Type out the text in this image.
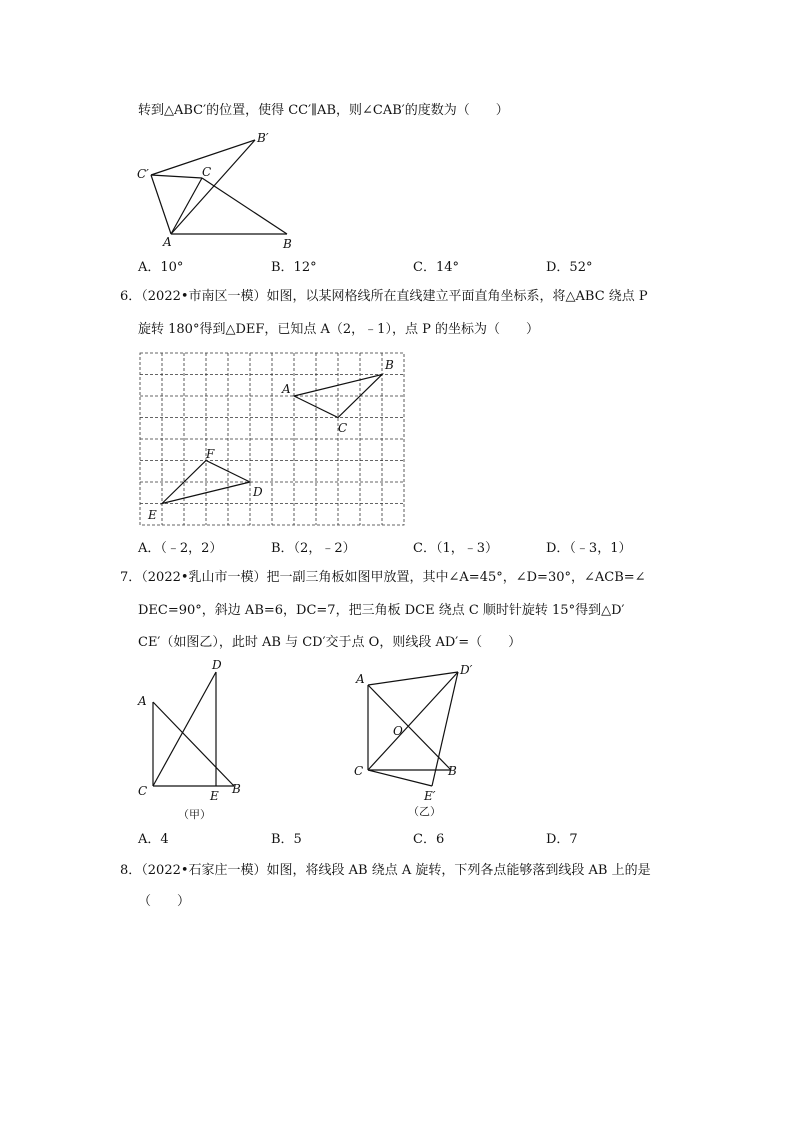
转到△ABC′的位置，使得 CC′∥AB，则∠CAB′的度数为（　　）
B′
C′	C
A	B
A．10°	B．12°	C．14°	D．52°
6．（2022•市南区一模）如图，以某网格线所在直线建立平面直角坐标系，将△ABC 绕点 P
旋转 180°得到△DEF，已知点 A（2，﹣1），点 P 的坐标为（　　）
A
B
C
F
D
E
A．（﹣2，2）	B．（2，﹣2）	C．（1，﹣3）	D．（﹣3，1）
7．（2022•乳山市一模）把一副三角板如图甲放置，其中∠A=45°，∠D=30°，∠ACB=∠
DEC=90°，斜边 AB=6，DC=7，把三角板 DCE 绕点 C 顺时针旋转 15°得到△D′
CE′（如图乙），此时 AB 与 CD′交于点 O，则线段 AD′=（　　）
D
A
C	E B
（甲）
A
D′
O
C	B
E′
（乙）
A．4	B．5	C．6	D．7
8．（2022•石家庄一模）如图，将线段 AB 绕点 A 旋转，下列各点能够落到线段 AB 上的是
（　　）
